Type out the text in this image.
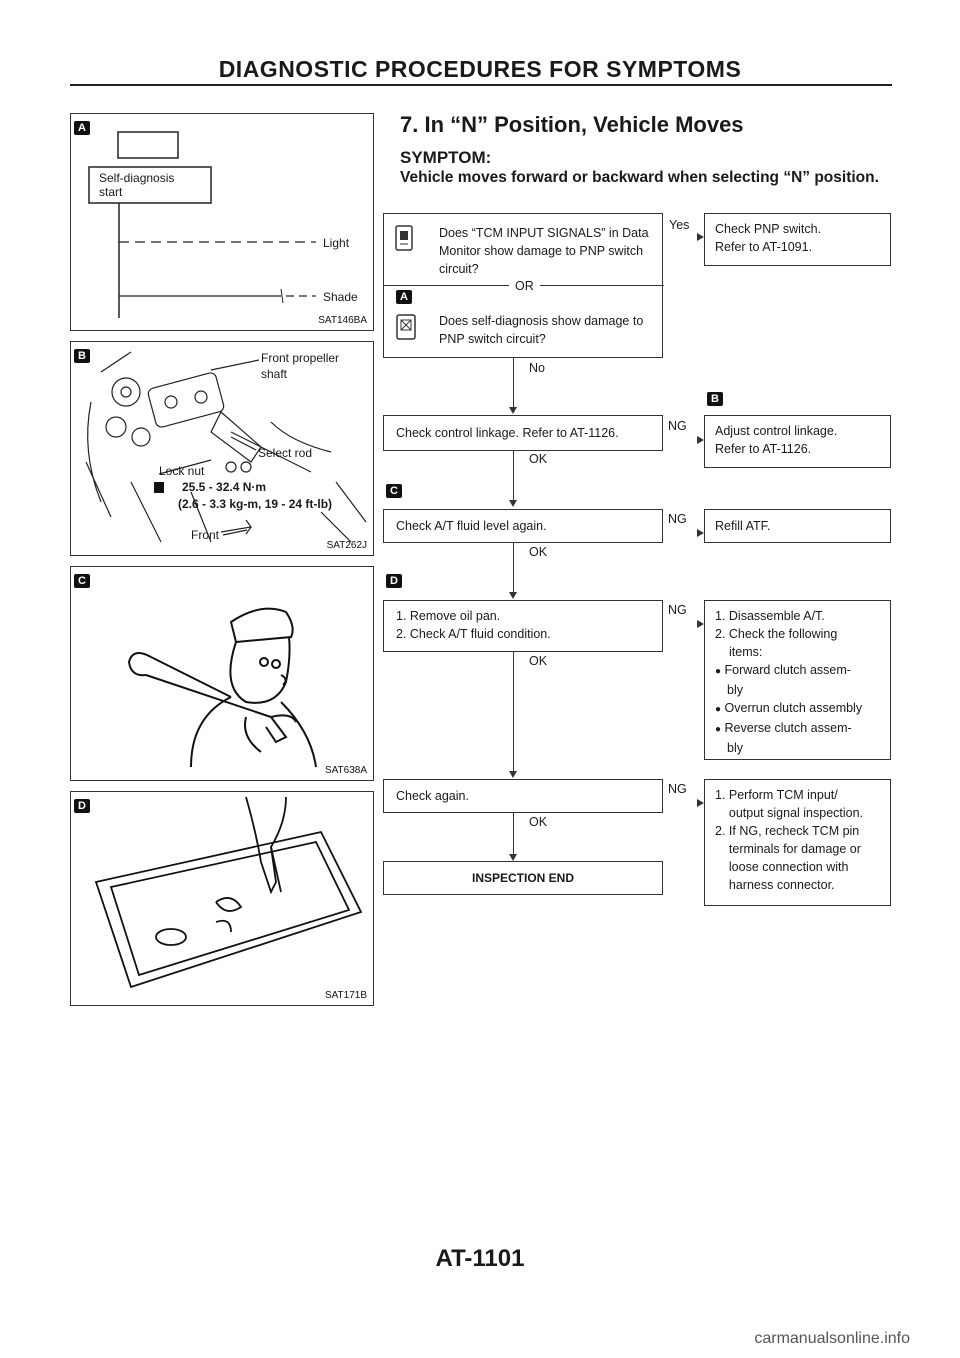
DIAGNOSTIC PROCEDURES FOR SYMPTOMS
A
Self-diagnosis start
Light
Shade
SAT146BA
B	Front propeller shaft
Select rod
Lock nut
25.5 - 32.4 N·m
(2.6 - 3.3 kg-m, 19 - 24 ft-lb)
Front
SAT262J
C
SAT638A
D
SAT171B
7. In “N” Position, Vehicle Moves
SYMPTOM:
Vehicle moves forward or backward when selecting “N” position.
Does “TCM INPUT SIGNALS” in Data Monitor show damage to PNP switch circuit?
OR
A
Does self-diagnosis show damage to PNP switch circuit?
Yes	Check PNP switch.
Refer to AT-1091.
No
B
Check control linkage. Refer to AT-1126.	NG	Adjust control linkage.
Refer to AT-1126.
OK
C
Check A/T fluid level again.	NG	Refill ATF.
OK
D
1. Remove oil pan.
2. Check A/T fluid condition.
NG 1. Disassemble A/T.
2. Check the following
items:
● Forward clutch assem-
bly
● Overrun clutch assembly
● Reverse clutch assem-
bly
OK
Check again.	NG	1. Perform TCM input/
output signal inspection.
2. If NG, recheck TCM pin
terminals for damage or
loose connection with
harness connector.
OK
INSPECTION END
AT-1101
carmanualsonline.info
